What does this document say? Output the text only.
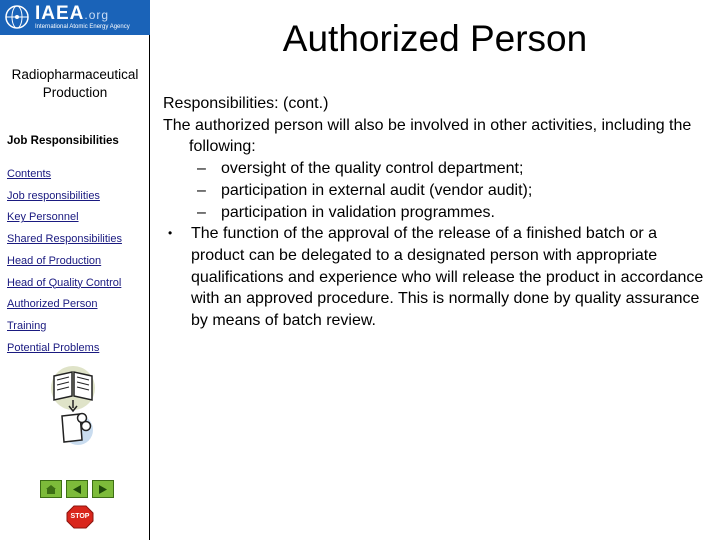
IAEA.org
International Atomic Energy Agency
Radiopharmaceutical Production
Job Responsibilities
Contents
Job responsibilities
Key Personnel
Shared Responsibilities
Head of Production
Head of Quality Control
Authorized Person
Training
Potential Problems
STOP
Authorized Person

Responsibilities: (cont.)

The authorized person will also be involved in other activities, including the following:

– oversight of the quality control department;
– participation in external audit (vendor audit);
– participation in validation programmes.

• The function of the approval of the release of a finished batch or a product can be delegated to a designated person with appropriate qualifications and experience who will release the product in accordance with an approved procedure. This is normally done by quality assurance by means of batch review.
